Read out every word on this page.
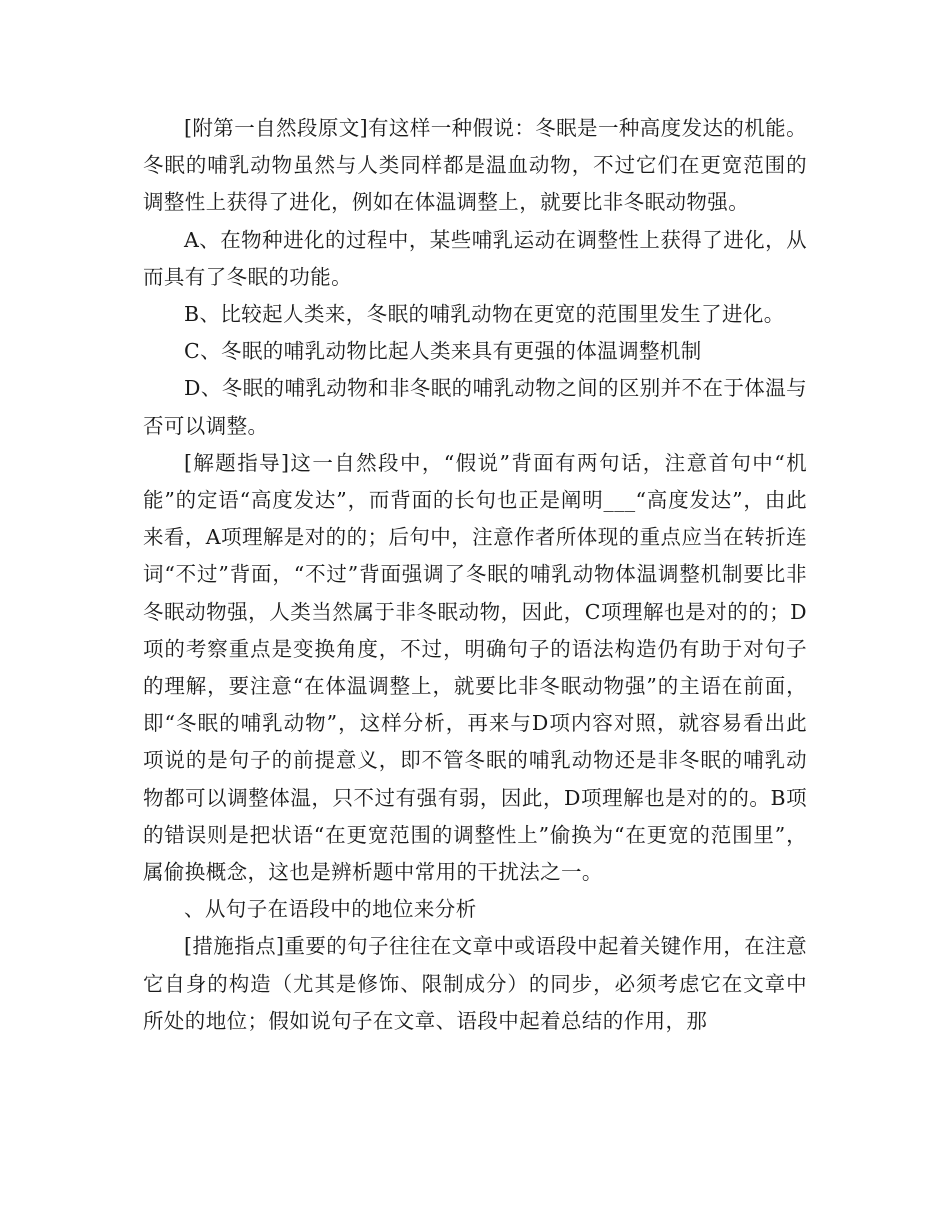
[附第一自然段原文]有这样一种假说：冬眠是一种高度发达的机能。冬眠的哺乳动物虽然与人类同样都是温血动物，不过它们在更宽范围的调整性上获得了进化，例如在体温调整上，就要比非冬眠动物强。

A、在物种进化的过程中，某些哺乳运动在调整性上获得了进化，从而具有了冬眠的功能。

B、比较起人类来，冬眠的哺乳动物在更宽的范围里发生了进化。

C、冬眠的哺乳动物比起人类来具有更强的体温调整机制

D、冬眠的哺乳动物和非冬眠的哺乳动物之间的区别并不在于体温与否可以调整。

[解题指导]这一自然段中，“假说”背面有两句话，注意首句中“机能”的定语“高度发达”，而背面的长句也正是阐明___“高度发达”，由此来看，A项理解是对的的；后句中，注意作者所体现的重点应当在转折连词“不过”背面，“不过”背面强调了冬眠的哺乳动物体温调整机制要比非冬眠动物强，人类当然属于非冬眠动物，因此，C项理解也是对的的；D项的考察重点是变换角度，不过，明确句子的语法构造仍有助于对句子的理解，要注意“在体温调整上，就要比非冬眠动物强”的主语在前面，即“冬眠的哺乳动物”，这样分析，再来与D项内容对照，就容易看出此项说的是句子的前提意义，即不管冬眠的哺乳动物还是非冬眠的哺乳动物都可以调整体温，只不过有强有弱，因此，D项理解也是对的的。B项的错误则是把状语“在更宽范围的调整性上”偷换为“在更宽的范围里”，属偷换概念，这也是辨析题中常用的干扰法之一。

、从句子在语段中的地位来分析

[措施指点]重要的句子往往在文章中或语段中起着关键作用，在注意它自身的构造（尤其是修饰、限制成分）的同步，必须考虑它在文章中所处的地位；假如说句子在文章、语段中起着总结的作用，那
